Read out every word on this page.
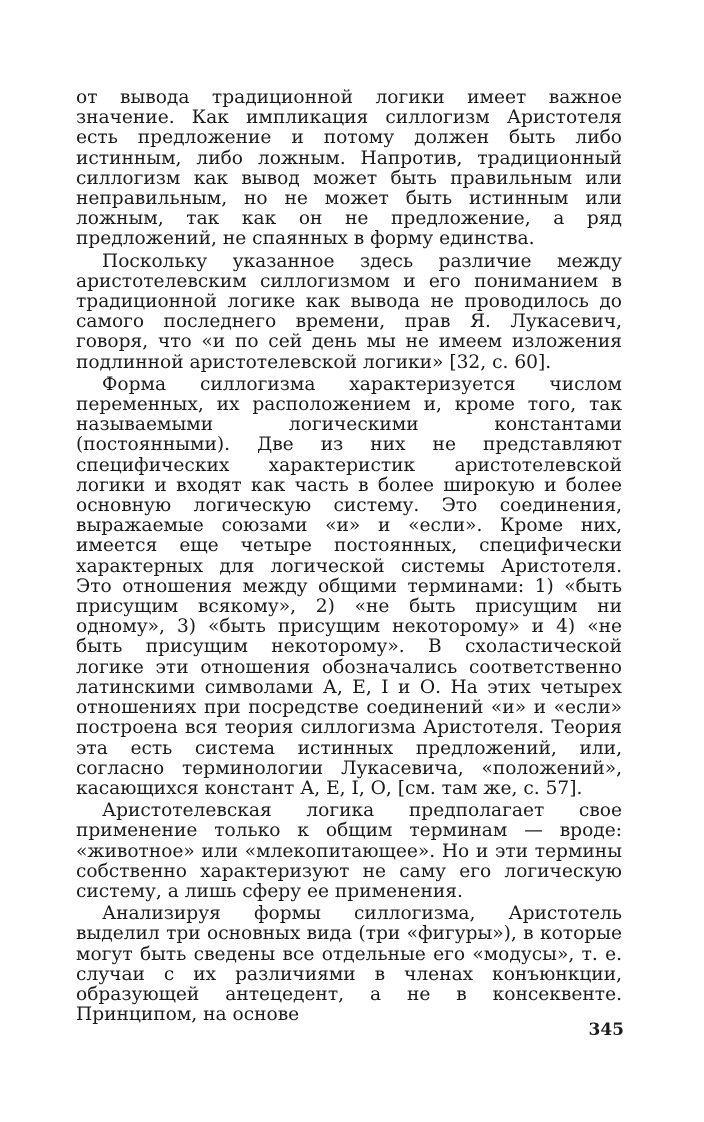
от вывода традиционной логики имеет важное значение. Как импликация силлогизм Аристотеля есть предложение и потому должен быть либо истинным, либо ложным. Напротив, традиционный силлогизм как вывод может быть правильным или неправильным, но не может быть истинным или ложным, так как он не предложение, а ряд предложений, не спаянных в форму единства.

Поскольку указанное здесь различие между аристотелевским силлогизмом и его пониманием в традиционной логике как вывода не проводилось до самого последнего времени, прав Я. Лукасевич, говоря, что «и по сей день мы не имеем изложения подлинной аристотелевской логики» [32, с. 60].

Форма силлогизма характеризуется числом переменных, их расположением и, кроме того, так называемыми логическими константами (постоянными). Две из них не представляют специфических характеристик аристотелевской логики и входят как часть в более широкую и более основную логическую систему. Это соединения, выражаемые союзами «и» и «если». Кроме них, имеется еще четыре постоянных, специфически характерных для логической системы Аристотеля. Это отношения между общими терминами: 1) «быть присущим всякому», 2) «не быть присущим ни одному», 3) «быть присущим некоторому» и 4) «не быть присущим некоторому». В схоластической логике эти отношения обозначались соответственно латинскими символами А, Е, I и О. На этих четырех отношениях при посредстве соединений «и» и «если» построена вся теория силлогизма Аристотеля. Теория эта есть система истинных предложений, или, согласно терминологии Лукасевича, «положений», касающихся констант А, Е, I, О, [см. там же, с. 57].

Аристотелевская логика предполагает свое применение только к общим терминам — вроде: «животное» или «млекопитающее». Но и эти термины собственно характеризуют не саму его логическую систему, а лишь сферу ее применения.

Анализируя формы силлогизма, Аристотель выделил три основных вида (три «фигуры»), в которые могут быть сведены все отдельные его «модусы», т. е. случаи с их различиями в членах конъюнкции, образующей антецедент, а не в консеквенте. Принципом, на основе

345
